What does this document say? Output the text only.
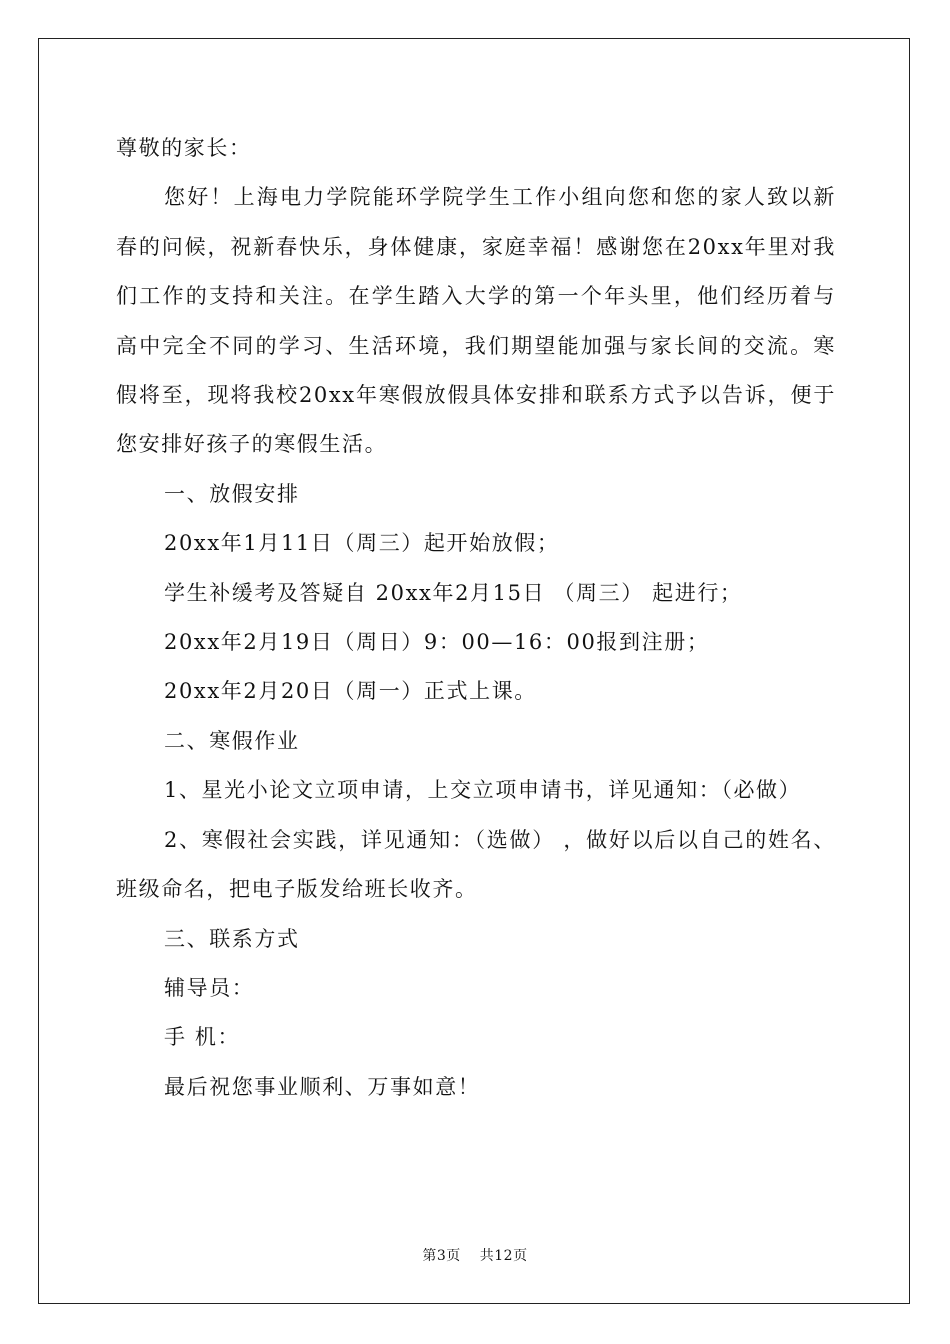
尊敬的家长：

您好！上海电力学院能环学院学生工作小组向您和您的家人致以新春的问候，祝新春快乐，身体健康，家庭幸福！感谢您在20xx年里对我们工作的支持和关注。在学生踏入大学的第一个年头里，他们经历着与高中完全不同的学习、生活环境，我们期望能加强与家长间的交流。寒假将至，现将我校20xx年寒假放假具体安排和联系方式予以告诉，便于您安排好孩子的寒假生活。

一、放假安排

20xx年1月11日（周三）起开始放假；

学生补缓考及答疑自 20xx年2月15日 （周三） 起进行；

20xx年2月19日（周日）9：00—16：00报到注册；

20xx年2月20日（周一）正式上课。

二、寒假作业

1、星光小论文立项申请，上交立项申请书，详见通知：（必做）

2、寒假社会实践，详见通知：（选做） ，做好以后以自己的姓名、班级命名，把电子版发给班长收齐。

三、联系方式

辅导员：

手 机：

最后祝您事业顺利、万事如意！

第3页 共12页
